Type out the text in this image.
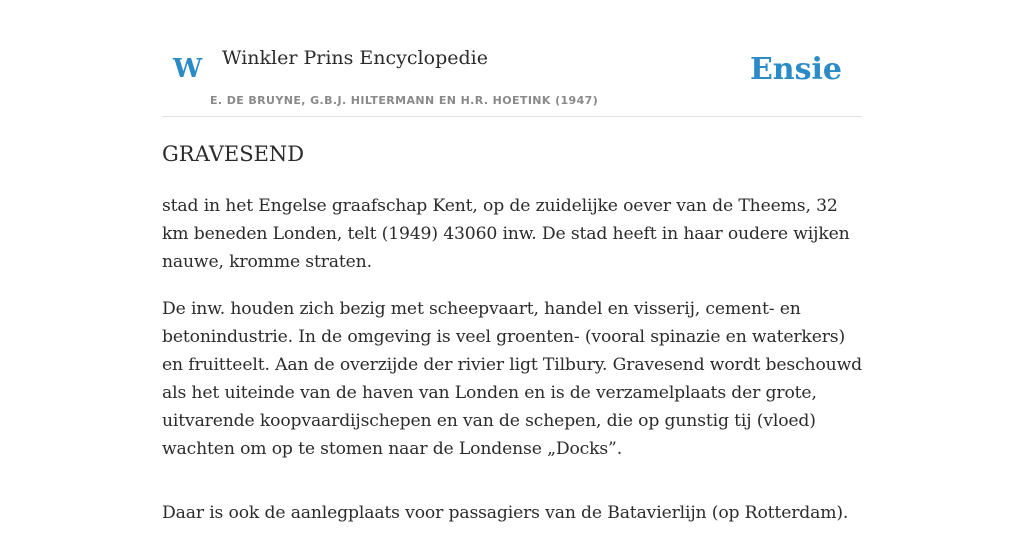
W Winkler Prins Encyclopedie
E. DE BRUYNE, G.B.J. HILTERMANN EN H.R. HOETINK (1947)
Ensie
GRAVESEND

stad in het Engelse graafschap Kent, op de zuidelijke oever van de Theems, 32 km beneden Londen, telt (1949) 43060 inw. De stad heeft in haar oudere wijken nauwe, kromme straten.

De inw. houden zich bezig met scheepvaart, handel en visserij, cement- en betonindustrie. In de omgeving is veel groenten- (vooral spinazie en waterkers) en fruitteelt. Aan de overzijde der rivier ligt Tilbury. Gravesend wordt beschouwd als het uiteinde van de haven van Londen en is de verzamelplaats der grote, uitvarende koopvaardijschepen en van de schepen, die op gunstig tij (vloed) wachten om op te stomen naar de Londense „Docks”.

Daar is ook de aanlegplaats voor passagiers van de Batavierlijn (op Rotterdam).
